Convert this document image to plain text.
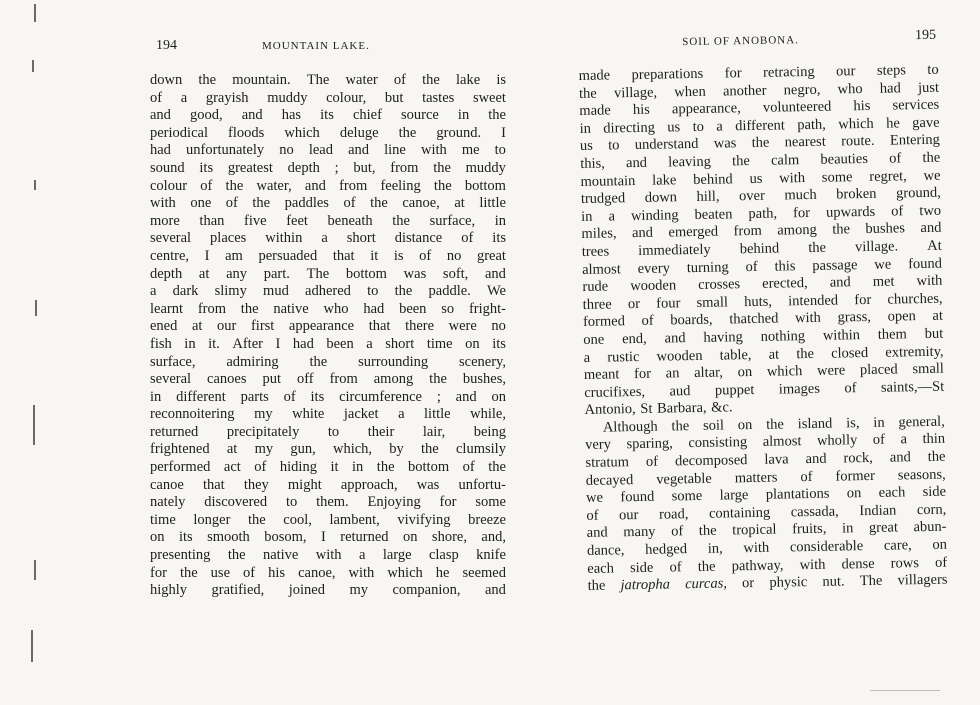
194	MOUNTAIN LAKE.
down the mountain. The water of the lake is
of a grayish muddy colour, but tastes sweet
and good, and has its chief source in the
periodical floods which deluge the ground. I
had unfortunately no lead and line with me to
sound its greatest depth ; but, from the muddy
colour of the water, and from feeling the bottom
with one of the paddles of the canoe, at little
more than five feet beneath the surface, in
several places within a short distance of its
centre, I am persuaded that it is of no great
depth at any part. The bottom was soft, and
a dark slimy mud adhered to the paddle. We
learnt from the native who had been so fright-
ened at our first appearance that there were no
fish in it. After I had been a short time on its
surface, admiring the surrounding scenery,
several canoes put off from among the bushes,
in different parts of its circumference ; and on
reconnoitering my white jacket a little while,
returned precipitately to their lair, being
frightened at my gun, which, by the clumsily
performed act of hiding it in the bottom of the
canoe that they might approach, was unfortu-
nately discovered to them. Enjoying for some
time longer the cool, lambent, vivifying breeze
on its smooth bosom, I returned on shore, and,
presenting the native with a large clasp knife
for the use of his canoe, with which he seemed
highly gratified, joined my companion, and
SOIL OF ANOBONA.	195
made preparations for retracing our steps to
the village, when another negro, who had just
made his appearance, volunteered his services
in directing us to a different path, which he gave
us to understand was the nearest route. Entering
this, and leaving the calm beauties of the
mountain lake behind us with some regret, we
trudged down hill, over much broken ground,
in a winding beaten path, for upwards of two
miles, and emerged from among the bushes and
trees immediately behind the village. At
almost every turning of this passage we found
rude wooden crosses erected, and met with
three or four small huts, intended for churches,
formed of boards, thatched with grass, open at
one end, and having nothing within them but
a rustic wooden table, at the closed extremity,
meant for an altar, on which were placed small
crucifixes, aud puppet images of saints,—St
Antonio, St Barbara, &c.
Although the soil on the island is, in general,
very sparing, consisting almost wholly of a thin
stratum of decomposed lava and rock, and the
decayed vegetable matters of former seasons,
we found some large plantations on each side
of our road, containing cassada, Indian corn,
and many of the tropical fruits, in great abun-
dance, hedged in, with considerable care, on
each side of the pathway, with dense rows of
the jatropha curcas, or physic nut. The villagers
